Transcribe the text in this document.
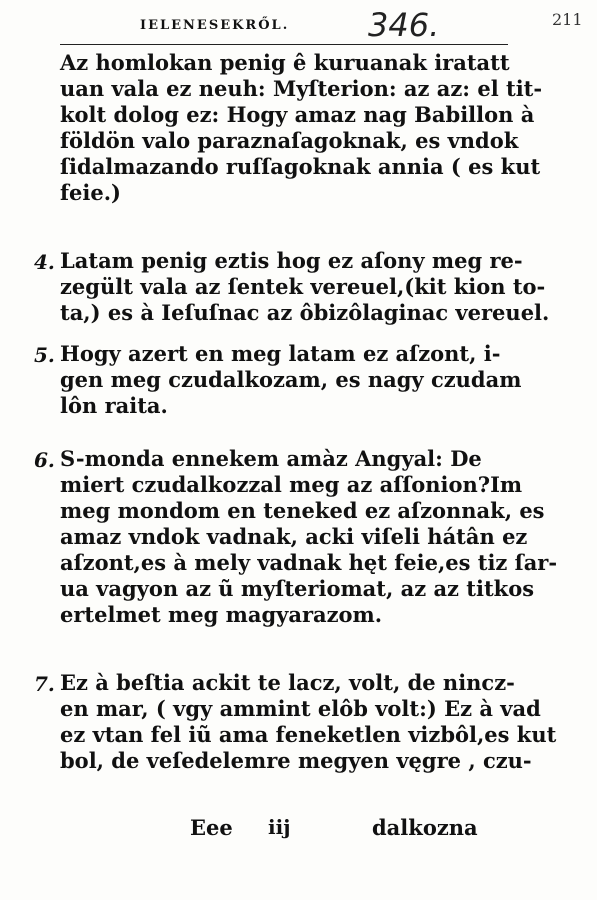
IELENESEKRŐL. 346.	211
Az homlokan penig ê kuruanak iratatt
uan vala ez neuh: Myſterion: az az: el tit-
kolt dolog ez: Hogy amaz nag Babillon à
földön valo paraznaſagoknak, es vndok
ſidalmazando ruſſagoknak annia ( es kut
feie.)
4. Latam penig eztis hog ez aſony meg re-
zegült vala az ſentek vereuel,(kit kion to-
ta,) es à Ieſuſnac az ôbizôlaginac vereuel.
5. Hogy azert en meg latam ez aſzont, i-
gen meg czudalkozam, es nagy czudam
lôn raita.
6. S-monda ennekem amàz Angyal: De
miert czudalkozzal meg az aſſonion?Im
meg mondom en teneked ez aſzonnak, es
amaz vndok vadnak, acki viſeli hátân ez
aſzont,es à mely vadnak hęt feie,es tiz ſar-
ua vagyon az ũ myſteriomat, az az titkos
ertelmet meg magyarazom.
7. Ez à beſtia ackit te lacz, volt, de nincz-
en mar, ( vgy ammint elôb volt:) Ez à vad
ez vtan fel iũ ama feneketlen vizbôl,es kut
bol, de veſedelemre megyen vęgre , czu-
Eee iij	dalkozna
